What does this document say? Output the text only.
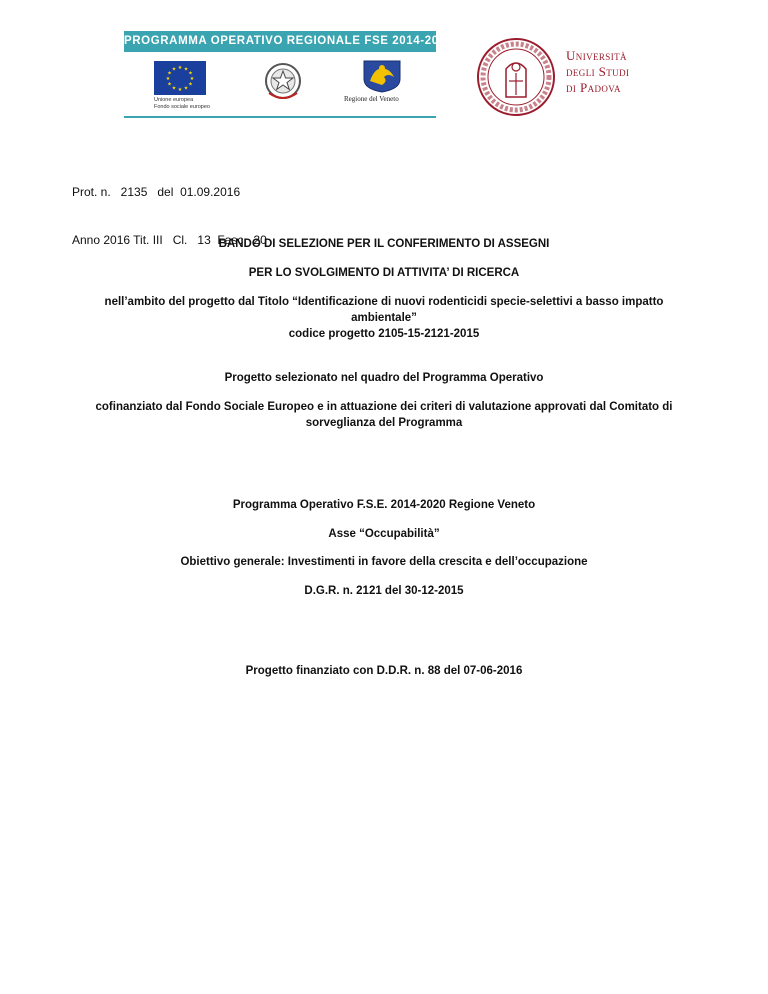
PROGRAMMA OPERATIVO REGIONALE FSE 2014-2020
★ ★
★
★
★
★
★
★
★
★
★
★
Unione europea
Fondo sociale europeo
Regione del Veneto
Università
degli Studi
di Padova

Prot. n.   2135   del  01.09.2016

Anno 2016 Tit. III   Cl.   13  Fasc.  20

BANDO DI SELEZIONE PER IL CONFERIMENTO DI ASSEGNI
PER LO SVOLGIMENTO DI ATTIVITA’ DI RICERCA
nell’ambito del progetto dal Titolo “Identificazione di nuovi rodenticidi specie-selettivi a basso impatto
ambientale”
codice progetto 2105-15-2121-2015
Progetto selezionato nel quadro del Programma Operativo
cofinanziato dal Fondo Sociale Europeo e in attuazione dei criteri di valutazione approvati dal Comitato di
sorveglianza del Programma
Programma Operativo F.S.E. 2014-2020 Regione Veneto
Asse “Occupabilità”
Obiettivo generale: Investimenti in favore della crescita e dell’occupazione
D.G.R. n. 2121 del 30-12-2015
Progetto finanziato con D.D.R. n. 88 del 07-06-2016
